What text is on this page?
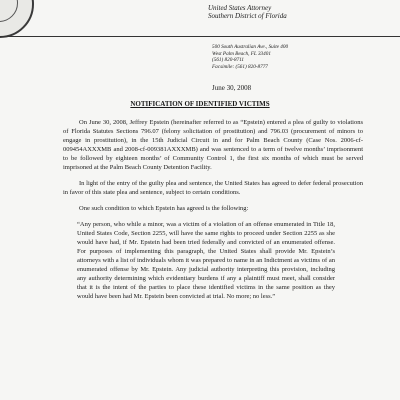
United States Attorney
Southern District of Florida
500 South Australian Ave., Suite 400
West Palm Beach, FL 33401
(561) 820-8711
Facsimile: (561) 820-8777
June 30, 2008
NOTIFICATION OF IDENTIFIED VICTIMS

On June 30, 2008, Jeffrey Epstein (hereinafter referred to as “Epstein) entered a plea of guilty to violations of Florida Statutes Sections 796.07 (felony solicitation of prostitution) and 796.03 (procurement of minors to engage in prostitution), in the 15th Judicial Circuit in and for Palm Beach County (Case Nos. 2006-cf-009454AXXXMB and 2008-cf-009381AXXXMB) and was sentenced to a term of twelve months’ imprisonment to be followed by eighteen months’ of Community Control 1, the first six months of which must be served imprisoned at the Palm Beach County Detention Facility.

In light of the entry of the guilty plea and sentence, the United States has agreed to defer federal prosecution in favor of this state plea and sentence, subject to certain conditions.

One such condition to which Epstein has agreed is the following:

“Any person, who while a minor, was a victim of a violation of an offense enumerated in Title 18, United States Code, Section 2255, will have the same rights to proceed under Section 2255 as she would have had, if Mr. Epstein had been tried federally and convicted of an enumerated offense. For purposes of implementing this paragraph, the United States shall provide Mr. Epstein’s attorneys with a list of individuals whom it was prepared to name in an Indictment as victims of an enumerated offense by Mr. Epstein. Any judicial authority interpreting this provision, including any authority determining which evidentiary burdens if any a plaintiff must meet, shall consider that it is the intent of the parties to place these identified victims in the same position as they would have been had Mr. Epstein been convicted at trial. No more; no less.”
